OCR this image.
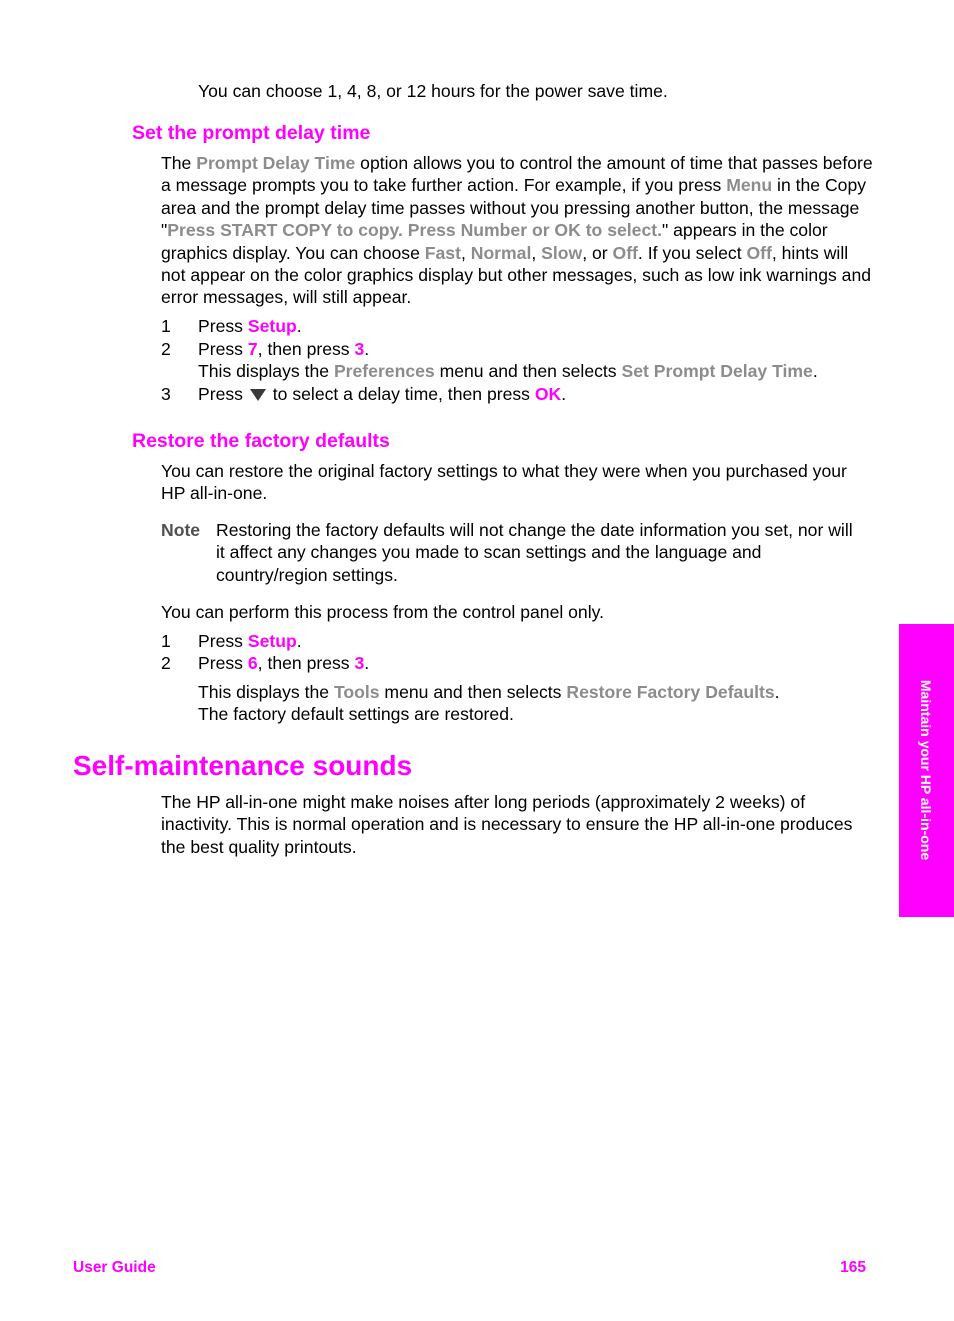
You can choose 1, 4, 8, or 12 hours for the power save time.

Set the prompt delay time

The Prompt Delay Time option allows you to control the amount of time that passes before a message prompts you to take further action. For example, if you press Menu in the Copy area and the prompt delay time passes without you pressing another button, the message "Press START COPY to copy. Press Number or OK to select." appears in the color graphics display. You can choose Fast, Normal, Slow, or Off. If you select Off, hints will not appear on the color graphics display but other messages, such as low ink warnings and error messages, will still appear.

1 Press Setup.

2 Press 7, then press 3.

This displays the Preferences menu and then selects Set Prompt Delay Time.

3 Press  to select a delay time, then press OK.

Restore the factory defaults

You can restore the original factory settings to what they were when you purchased your HP all-in-one.

Note Restoring the factory defaults will not change the date information you set, nor will it affect any changes you made to scan settings and the language and country/region settings.

You can perform this process from the control panel only.

1 Press Setup.

2 Press 6, then press 3.

This displays the Tools menu and then selects Restore Factory Defaults.

The factory default settings are restored.

Self-maintenance sounds

The HP all-in-one might make noises after long periods (approximately 2 weeks) of inactivity. This is normal operation and is necessary to ensure the HP all-in-one produces the best quality printouts.	Maintain your HP all-in-one

User Guide	165
